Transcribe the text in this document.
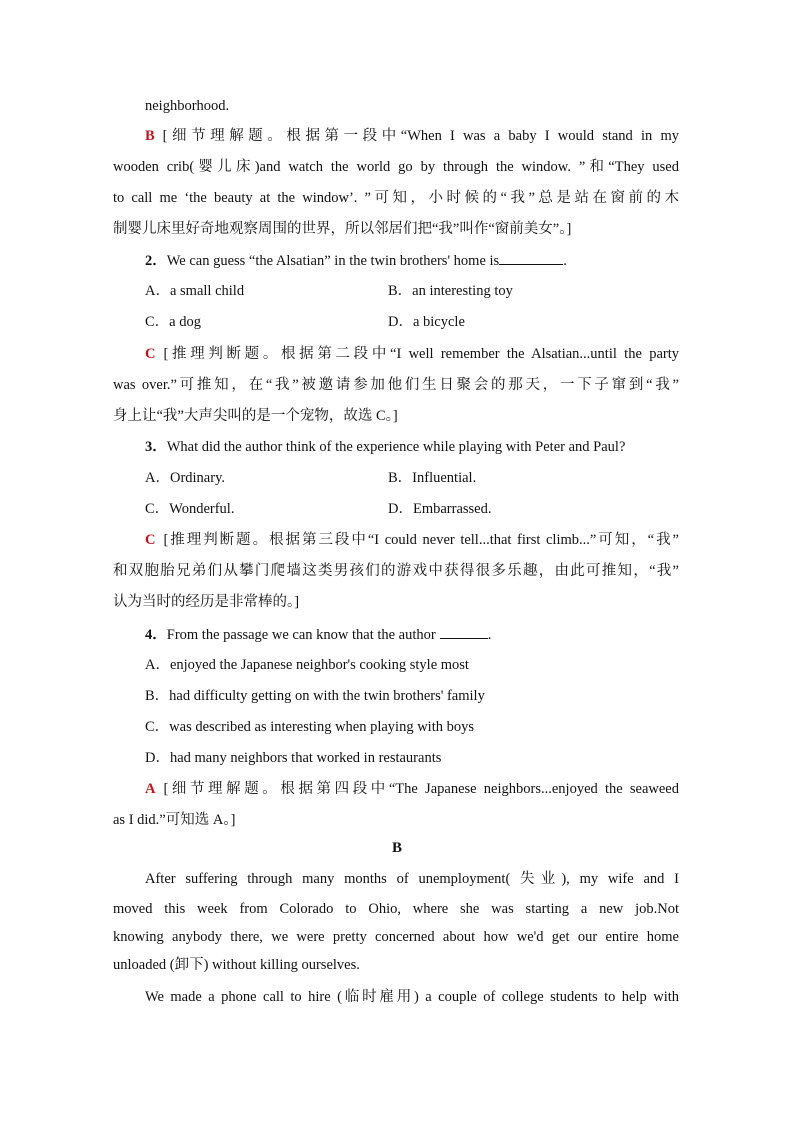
neighborhood.
B [细节理解题。根据第一段中“When I was a baby I would stand in my
wooden crib(婴儿床)and watch the world go by through the window. ”和“They used
to call me ‘the beauty at the window’. ”可知，小时候的“我”总是站在窗前的木
制婴儿床里好奇地观察周围的世界，所以邻居们把“我”叫作“窗前美女”。]
2．We can guess “the Alsatian” in the twin brothers' home is	.
A．a small child	B．an interesting toy
C．a dog	D．a bicycle
C [推理判断题。根据第二段中“I well remember the Alsatian...until the party
was over.”可推知，在“我”被邀请参加他们生日聚会的那天，一下子窜到“我”
身上让“我”大声尖叫的是一个宠物，故选 C。]
3．What did the author think of the experience while playing with Peter and Paul?
A．Ordinary.	B．Influential.
C．Wonderful.	D．Embarrassed.
C [推理判断题。根据第三段中“I could never tell...that first climb...”可知，“我”
和双胞胎兄弟们从攀门爬墙这类男孩们的游戏中获得很多乐趣，由此可推知，“我”
认为当时的经历是非常棒的。]
4．From the passage we can know that the author	.
A．enjoyed the Japanese neighbor's cooking style most
B．had difficulty getting on with the twin brothers' family
C．was described as interesting when playing with boys
D．had many neighbors that worked in restaurants
A [细节理解题。根据第四段中“The Japanese neighbors...enjoyed the seaweed
as I did.”可知选 A。]
B
After suffering through many months of unemployment( 失业), my wife and I
moved this week from Colorado to Ohio, where she was starting a new job.Not
knowing anybody there, we were pretty concerned about how we'd get our entire home
unloaded (卸下) without killing ourselves.
We made a phone call to hire (临时雇用) a couple of college students to help with
